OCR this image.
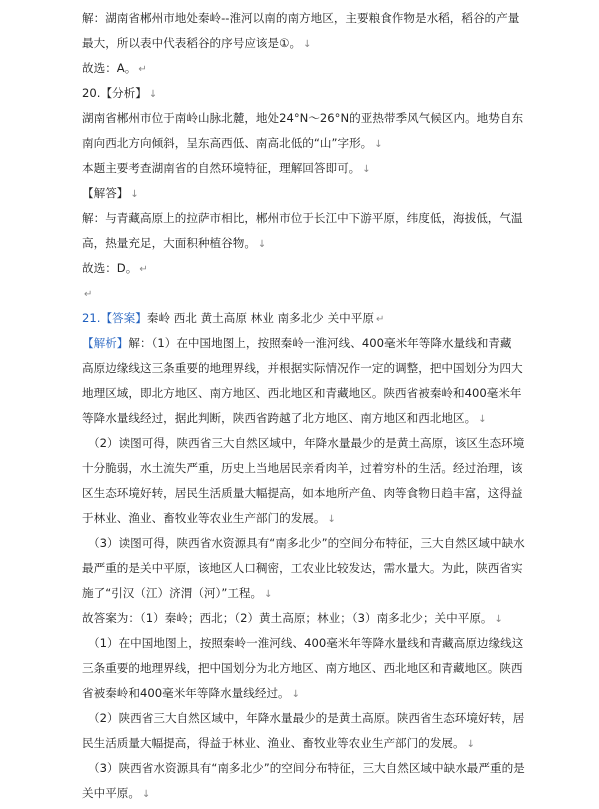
解：湖南省郴州市地处秦岭--淮河以南的南方地区，主要粮食作物是水稻，稻谷的产量
最大，所以表中代表稻谷的序号应该是①。 ↓
故选：A。 ↵
20.【分析】 ↓
湖南省郴州市位于南岭山脉北麓，地处24°N～26°N的亚热带季风气候区内。地势自东
南向西北方向倾斜，呈东高西低、南高北低的“山”字形。 ↓
本题主要考查湖南省的自然环境特征，理解回答即可。 ↓
【解答】 ↓
解：与青藏高原上的拉萨市相比，郴州市位于长江中下游平原，纬度低，海拔低，气温
高，热量充足，大面积种植谷物。 ↓
故选：D。 ↵
↵
21.【答案】秦岭 西北 黄土高原 林业 南多北少 关中平原 ↵
【解析】解：（1）在中国地图上，按照秦岭一淮河线、400毫米年等降水量线和青藏
高原边缘线这三条重要的地理界线，并根据实际情况作一定的调整，把中国划分为四大
地理区域，即北方地区、南方地区、西北地区和青藏地区。陕西省被秦岭和400毫米年
等降水量线经过，据此判断，陕西省跨越了北方地区、南方地区和西北地区。 ↓
（2）读图可得，陕西省三大自然区域中，年降水量最少的是黄土高原，该区生态环境
十分脆弱，水土流失严重，历史上当地居民亲肴肉羊，过着穷朴的生活。经过治理，该
区生态环境好转，居民生活质量大幅提高，如本地所产鱼、肉等食物日趋丰富，这得益
于林业、渔业、畜牧业等农业生产部门的发展。 ↓
（3）读图可得，陕西省水资源具有“南多北少”的空间分布特征，三大自然区域中缺水
最严重的是关中平原，该地区人口稠密，工农业比较发达，需水量大。为此，陕西省实
施了“引汉（江）济渭（河）”工程。 ↓
故答案为：（1）秦岭；西北；（2）黄土高原；林业；（3）南多北少；关中平原。 ↓
（1）在中国地图上，按照秦岭一淮河线、400毫米年等降水量线和青藏高原边缘线这
三条重要的地理界线，把中国划分为北方地区、南方地区、西北地区和青藏地区。陕西
省被秦岭和400毫米年等降水量线经过。 ↓
（2）陕西省三大自然区域中，年降水量最少的是黄土高原。陕西省生态环境好转，居
民生活质量大幅提高，得益于林业、渔业、畜牧业等农业生产部门的发展。 ↓
（3）陕西省水资源具有“南多北少”的空间分布特征，三大自然区域中缺水最严重的是
关中平原。 ↓
